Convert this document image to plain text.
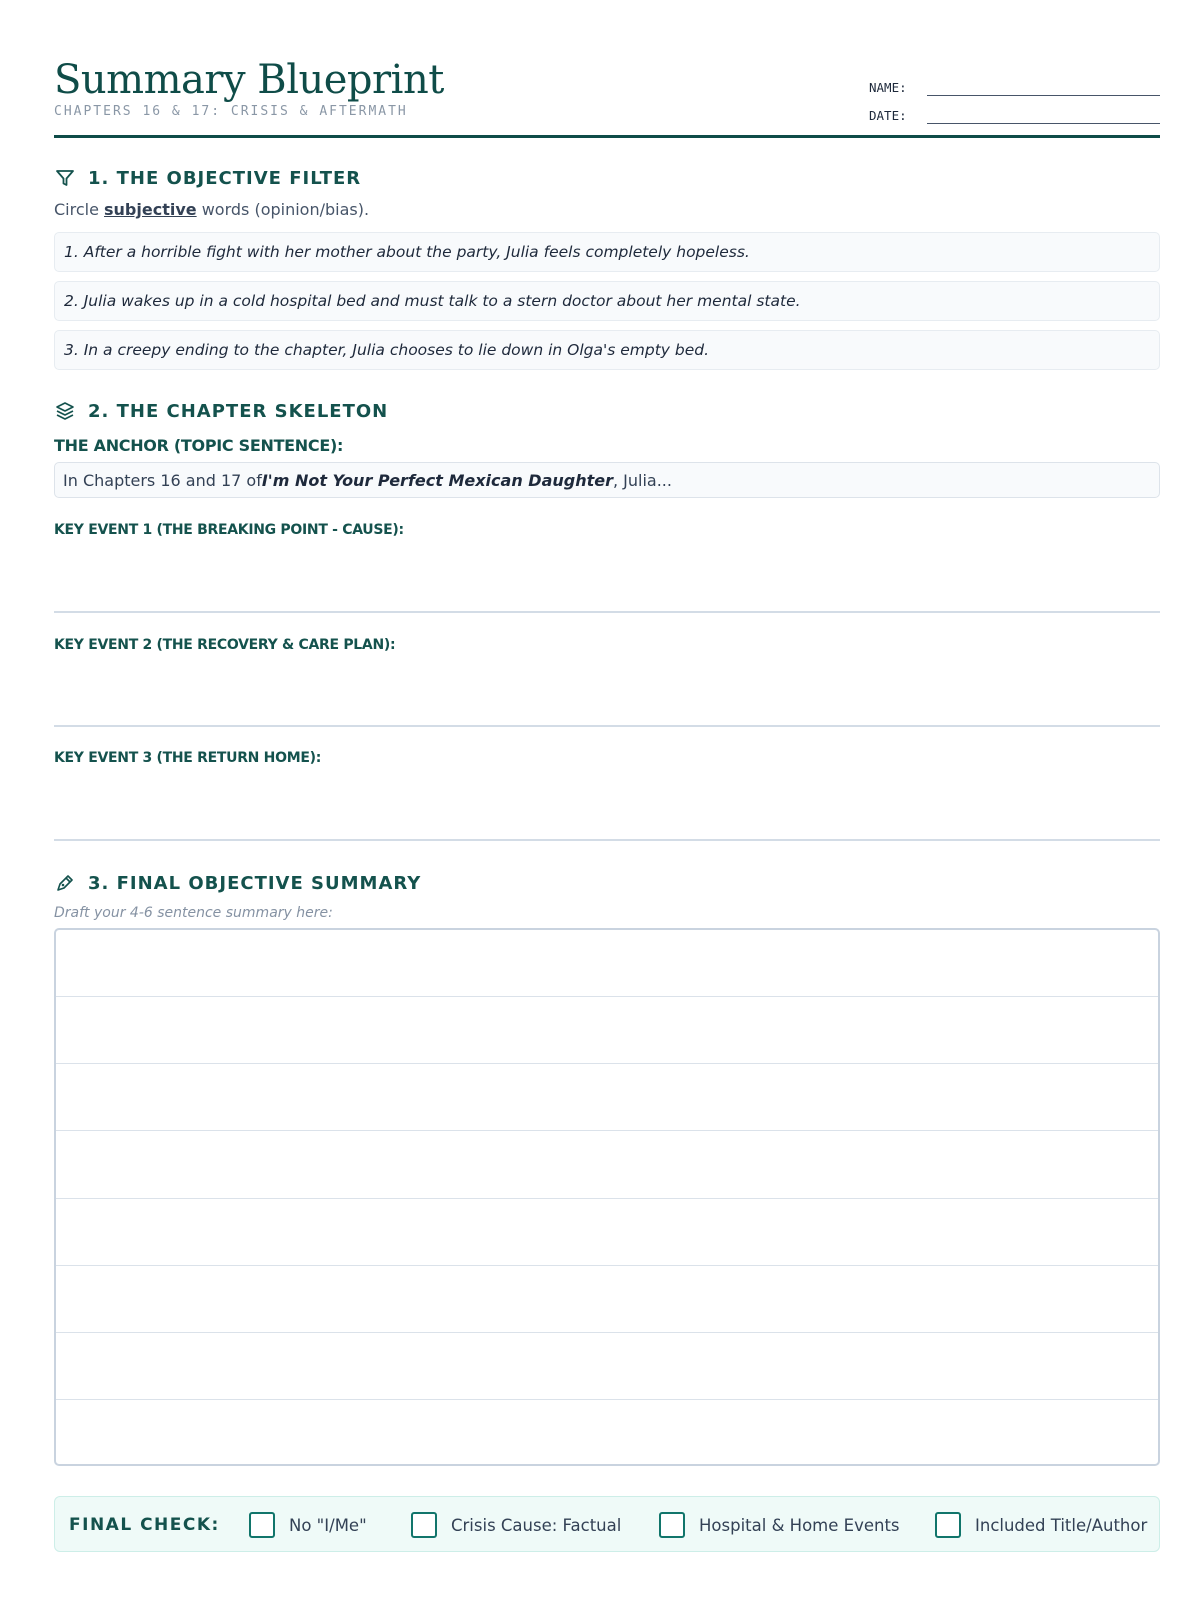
Summary Blueprint
CHAPTERS 16 & 17: CRISIS & AFTERMATH
NAME:
DATE:
1. THE OBJECTIVE FILTER
Circle subjective words (opinion/bias).
1. After a horrible fight with her mother about the party, Julia feels completely hopeless.
2. Julia wakes up in a cold hospital bed and must talk to a stern doctor about her mental state.
3. In a creepy ending to the chapter, Julia chooses to lie down in Olga's empty bed.
2. THE CHAPTER SKELETON
THE ANCHOR (TOPIC SENTENCE):
In Chapters 16 and 17 of I'm Not Your Perfect Mexican Daughter , Julia...
KEY EVENT 1 (THE BREAKING POINT - CAUSE):
KEY EVENT 2 (THE RECOVERY & CARE PLAN):
KEY EVENT 3 (THE RETURN HOME):
3. FINAL OBJECTIVE SUMMARY
Draft your 4-6 sentence summary here:
FINAL CHECK:	No "I/Me"	Crisis Cause: Factual	Hospital & Home Events	Included Title/Author
